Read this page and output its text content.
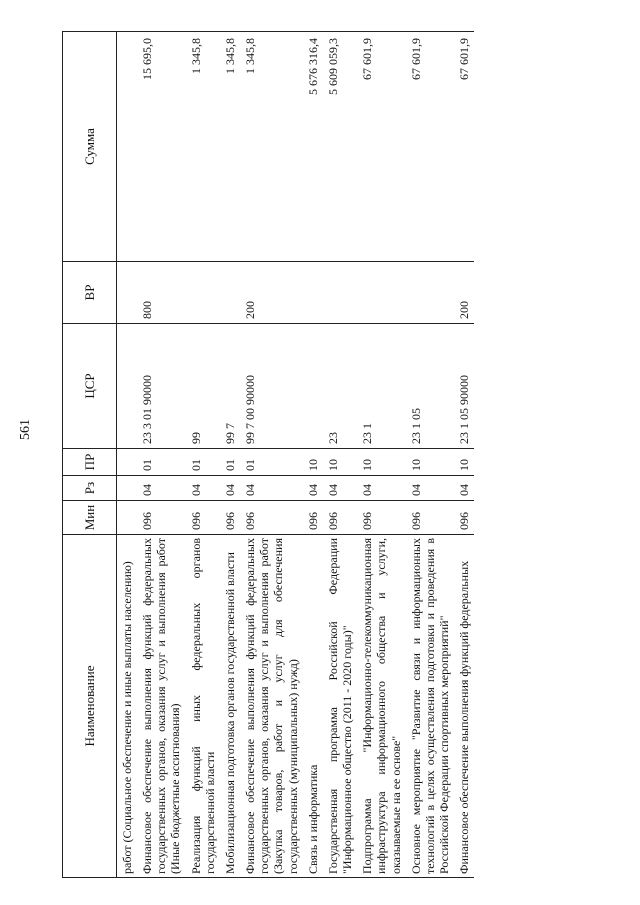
561
Наименование	Мин	Рз	ПР	ЦСР	ВР	Сумма
работ (Социальное обеспечение и иные выплаты населению)						
Финансовое обеспечение выполнения функций федеральных государственных органов, оказания услуг и выполнения работ (Иные бюджетные ассигнования)	096	04	01	23 3 01 90000	800	15 695,0
Реализация функций иных федеральных органов государственной власти	096	04	01	99		1 345,8
Мобилизационная подготовка органов государственной власти	096	04	01	99 7		1 345,8
Финансовое обеспечение выполнения функций федеральных государственных органов, оказания услуг и выполнения работ (Закупка товаров, работ и услуг для обеспечения государственных (муниципальных) нужд)	096	04	01	99 7 00 90000	200	1 345,8
Связь и информатика	096	04	10			5 676 316,4
Государственная программа Российской Федерации "Информационное общество (2011 - 2020 годы)"	096	04	10	23		5 609 059,3
Подпрограмма "Информационно-телекоммуникационная инфраструктура информационного общества и услуги, оказываемые на ее основе"	096	04	10	23 1		67 601,9
Основное мероприятие "Развитие связи и информационных технологий в целях осуществления подготовки и проведения в Российской Федерации спортивных мероприятий"	096	04	10	23 1 05		67 601,9
Финансовое обеспечение выполнения функций федеральных	096	04	10	23 1 05 90000	200	67 601,9
